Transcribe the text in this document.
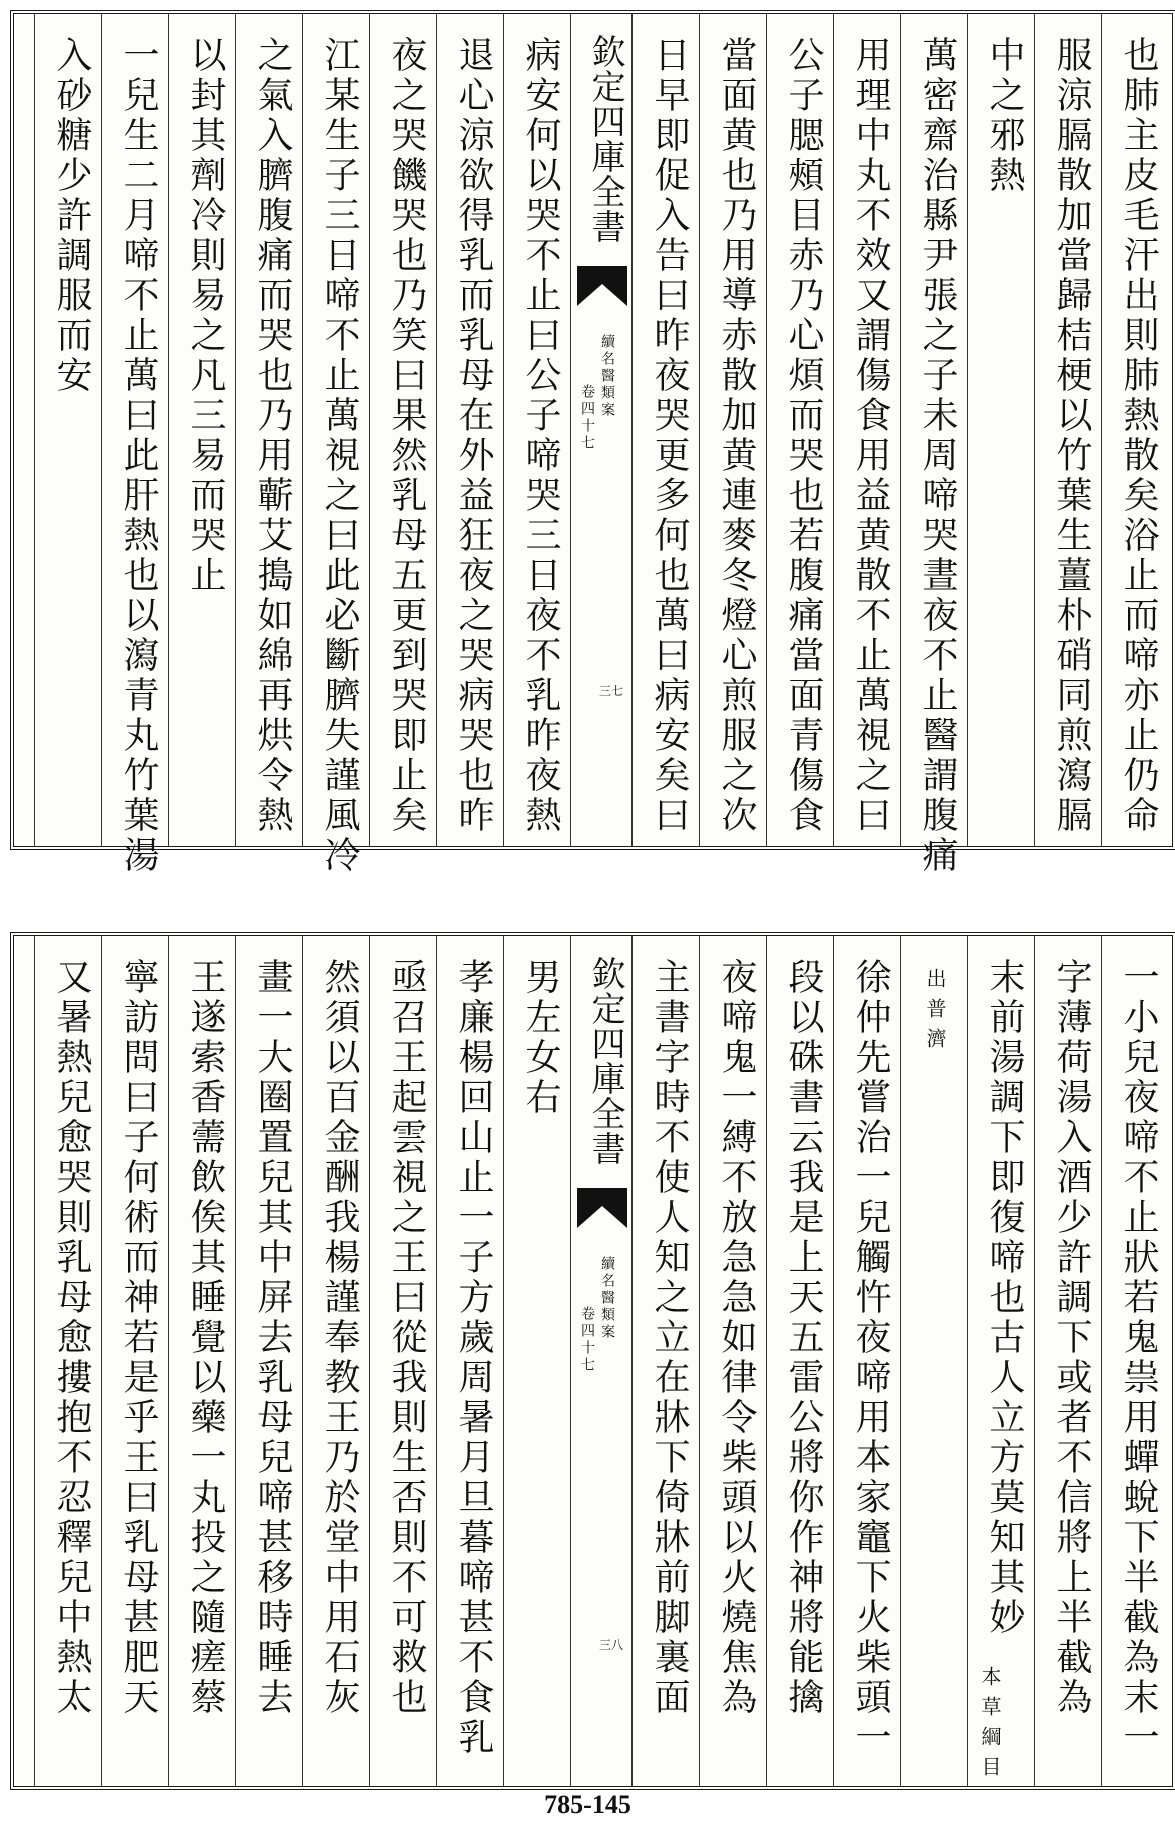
也肺主皮毛汗出則肺熱散矣浴止而啼亦止仍命
服涼膈散加當歸桔梗以竹葉生薑朴硝同煎瀉膈
中之邪熱
萬密齋治縣尹張之子未周啼哭晝夜不止醫謂腹痛
用理中丸不效又謂傷食用益黄散不止萬視之曰
公子腮頰目赤乃心煩而哭也若腹痛當面青傷食
當面黄也乃用導赤散加黄連麥冬燈心煎服之次
日早即促入告曰昨夜哭更多何也萬曰病安矣曰
欽定四庫全書
續名醫類案
卷四十七
三七
病安何以哭不止曰公子啼哭三日夜不乳昨夜熱
退心涼欲得乳而乳母在外益狂夜之哭病哭也昨
夜之哭饑哭也乃笑曰果然乳母五更到哭即止矣
江某生子三日啼不止萬視之曰此必斷臍失謹風冷
之氣入臍腹痛而哭也乃用蘄艾搗如綿再烘令熱
以封其劑冷則易之凡三易而哭止
一兒生二月啼不止萬曰此肝熱也以瀉青丸竹葉湯
入砂糖少許調服而安
一小兒夜啼不止狀若鬼祟用蟬蛻下半截為末一
字薄荷湯入酒少許調下或者不信將上半截為
末前湯調下即復啼也古人立方莫知其妙
出普濟
本草綱目
徐仲先嘗治一兒觸忤夜啼用本家竈下火柴頭一
段以硃書云我是上天五雷公將你作神將能擒
夜啼鬼一縛不放急急如律令柴頭以火燒焦為
主書字時不使人知之立在牀下倚牀前脚裏面
欽定四庫全書
續名醫類案
卷四十七
三八
男左女右
孝廉楊回山止一子方歲周暑月旦暮啼甚不食乳
亟召王起雲視之王曰從我則生否則不可救也
然須以百金酬我楊謹奉教王乃於堂中用石灰
畫一大圈置兒其中屏去乳母兒啼甚移時睡去
王遂索香薷飲俟其睡覺以藥一丸投之隨瘥蔡
寧訪問曰子何術而神若是乎王曰乳母甚肥天
又暑熱兒愈哭則乳母愈摟抱不忍釋兒中熱太
785-145
